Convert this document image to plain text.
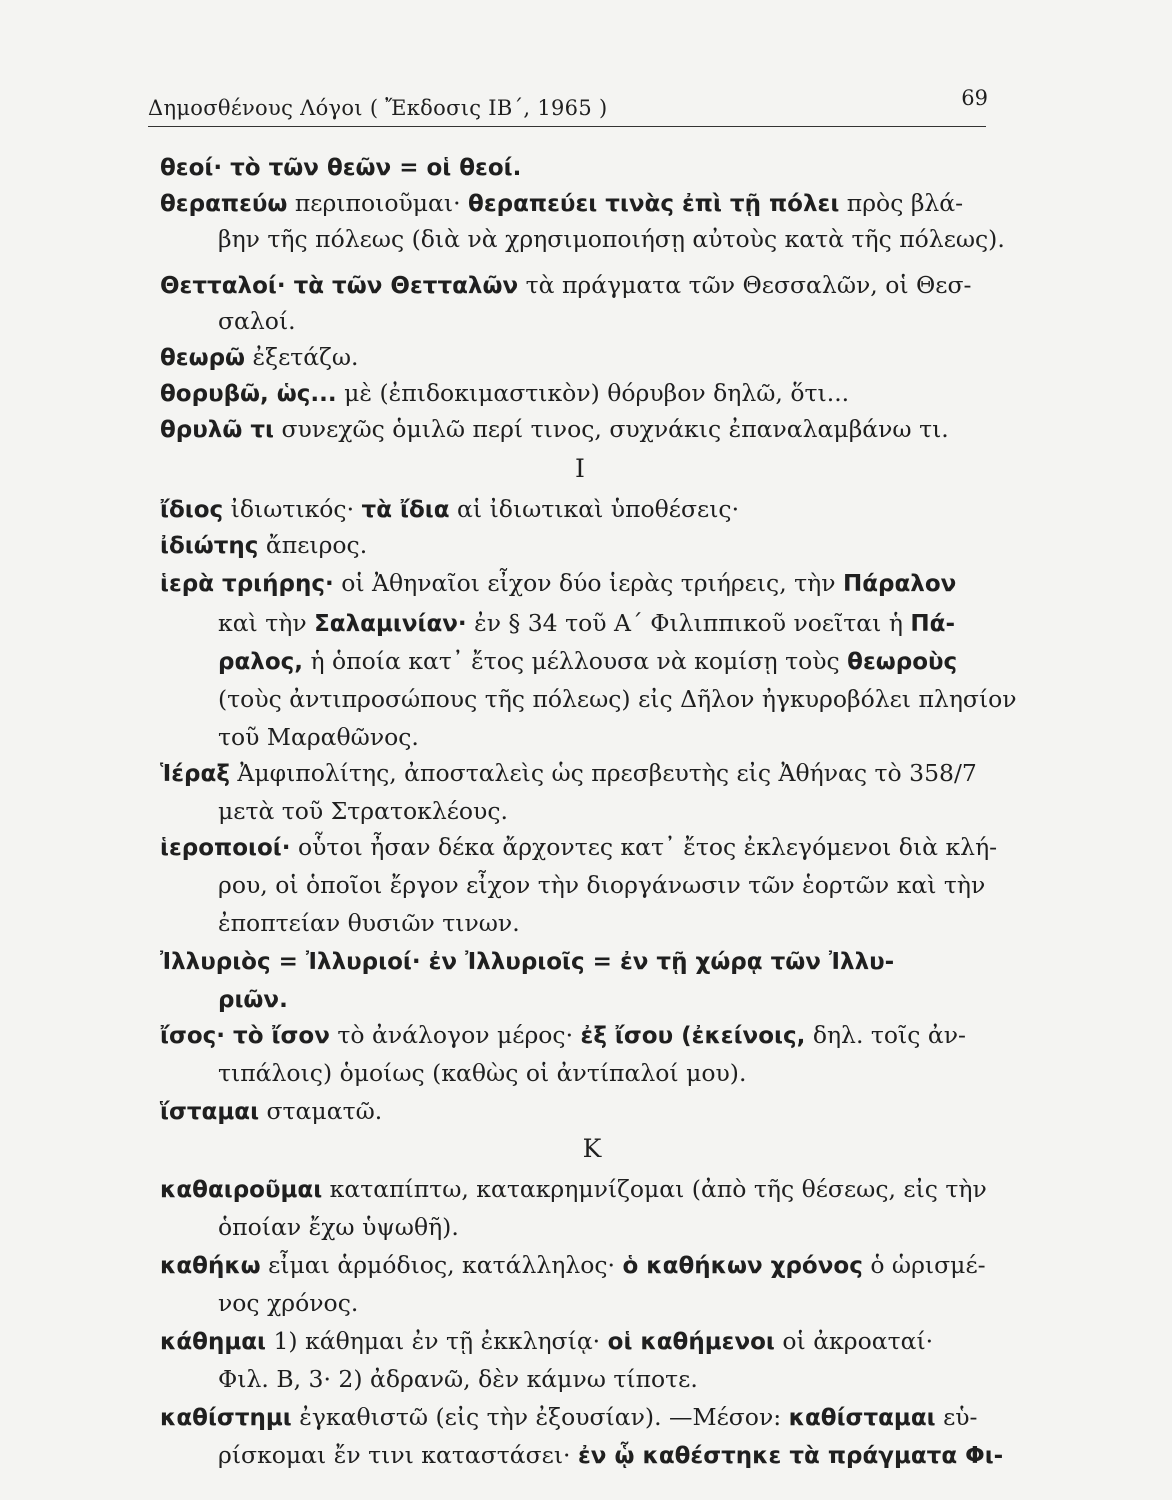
Δημοσθένους Λόγοι ( Ἔκδοσις ΙΒ΄, 1965 )	69
θεοί· τὸ τῶν θεῶν = οἱ θεοί.
θεραπεύω περιποιοῦμαι· θεραπεύει τινὰς ἐπὶ τῇ πόλει πρὸς βλά-
βην τῆς πόλεως (διὰ νὰ χρησιμοποιήσῃ αὐτοὺς κατὰ τῆς πόλεως).
Θετταλοί· τὰ τῶν Θετταλῶν τὰ πράγματα τῶν Θεσσαλῶν, οἱ Θεσ-
σαλοί.
θεωρῶ ἐξετάζω.
θορυβῶ, ὡς... μὲ (ἐπιδοκιμαστικὸν) θόρυβον δηλῶ, ὅτι...
θρυλῶ τι συνεχῶς ὁμιλῶ περί τινος, συχνάκις ἐπαναλαμβάνω τι.
Ι
ἴδιος ἰδιωτικός· τὰ ἴδια αἱ ἰδιωτικαὶ ὑποθέσεις·
ἰδιώτης ἄπειρος.
ἱερὰ τριήρης· οἱ Ἀθηναῖοι εἶχον δύο ἱερὰς τριήρεις, τὴν Πάραλον
καὶ τὴν Σαλαμινίαν· ἐν § 34 τοῦ Α΄ Φιλιππικοῦ νοεῖται ἡ Πά-
ραλος, ἡ ὁποία κατ᾽ ἔτος μέλλουσα νὰ κομίσῃ τοὺς θεωροὺς
(τοὺς ἀντιπροσώπους τῆς πόλεως) εἰς Δῆλον ἠγκυροβόλει πλησίον
τοῦ Μαραθῶνος.
Ἱέραξ Ἀμφιπολίτης, ἀποσταλεὶς ὡς πρεσβευτὴς εἰς Ἀθήνας τὸ 358/7
μετὰ τοῦ Στρατοκλέους.
ἱεροποιοί· οὗτοι ἦσαν δέκα ἄρχοντες κατ᾽ ἔτος ἐκλεγόμενοι διὰ κλή-
ρου, οἱ ὁποῖοι ἔργον εἶχον τὴν διοργάνωσιν τῶν ἑορτῶν καὶ τὴν
ἐποπτείαν θυσιῶν τινων.
Ἰλλυριὸς = Ἰλλυριοί· ἐν Ἰλλυριοῖς = ἐν τῇ χώρᾳ τῶν Ἰλλυ-
ριῶν.
ἴσος· τὸ ἴσον τὸ ἀνάλογον μέρος· ἐξ ἴσου (ἐκείνοις, δηλ. τοῖς ἀν-
τιπάλοις) ὁμοίως (καθὼς οἱ ἀντίπαλοί μου).
ἵσταμαι σταματῶ.
Κ
καθαιροῦμαι καταπίπτω, κατακρημνίζομαι (ἀπὸ τῆς θέσεως, εἰς τὴν
ὁποίαν ἔχω ὑψωθῆ).
καθήκω εἶμαι ἁρμόδιος, κατάλληλος· ὁ καθήκων χρόνος ὁ ὡρισμέ-
νος χρόνος.
κάθημαι 1) κάθημαι ἐν τῇ ἐκκλησίᾳ· οἱ καθήμενοι οἱ ἀκροαταί·
Φιλ. Β, 3· 2) ἀδρανῶ, δὲν κάμνω τίποτε.
καθίστημι ἐγκαθιστῶ (εἰς τὴν ἐξουσίαν). —Μέσον: καθίσταμαι εὑ-
ρίσκομαι ἔν τινι καταστάσει· ἐν ᾧ καθέστηκε τὰ πράγματα Φι-
